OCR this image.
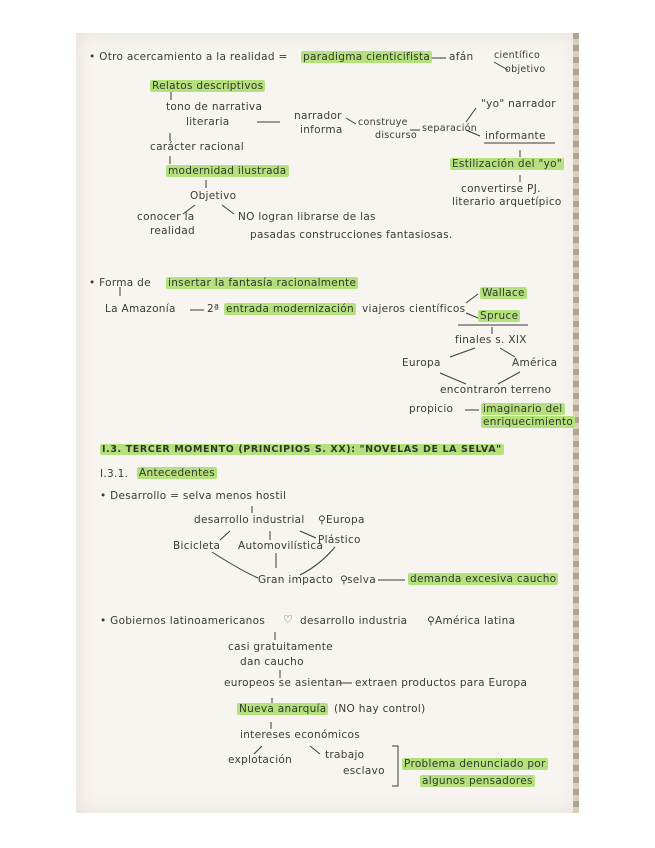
• Otro acercamiento a la realidad = paradigma cienticifista afán científico
objetivo
Relatos descriptivos
tono de narrativa
literaria	narrador
informa
construye
discurso
separación
"yo" narrador
informante
Estilización del "yo"
convertirse PJ.
literario arquetípico
carácter racional
modernidad ilustrada
Objetivo
conocer la
realidad
NO logran librarse de las
pasadas construcciones fantasiosas.
• Forma de insertar la fantasía racionalmente
La Amazonía	2ª entrada modernización viajeros científicos
Wallace
Spruce
finales s. XIX
Europa	América
encontraron terreno
propicio	imaginario del
enriquecimiento
I.3. TERCER MOMENTO (PRINCIPIOS S. XX): "NOVELAS DE LA SELVA"
I.3.1. Antecedentes
• Desarrollo = selva menos hostil
desarrollo industrial ⚲ Europa
Bicicleta Automovilística
Plástico
Gran impacto ⚲ selva	demanda excesiva caucho
• Gobiernos latinoamericanos ♡ desarrollo industria ⚲ América latina
casi gratuitamente
dan caucho
europeos se asientan extraen productos para Europa
Nueva anarquía (NO hay control)
intereses económicos
explotación	trabajo
esclavo
Problema denunciado por
algunos pensadores
